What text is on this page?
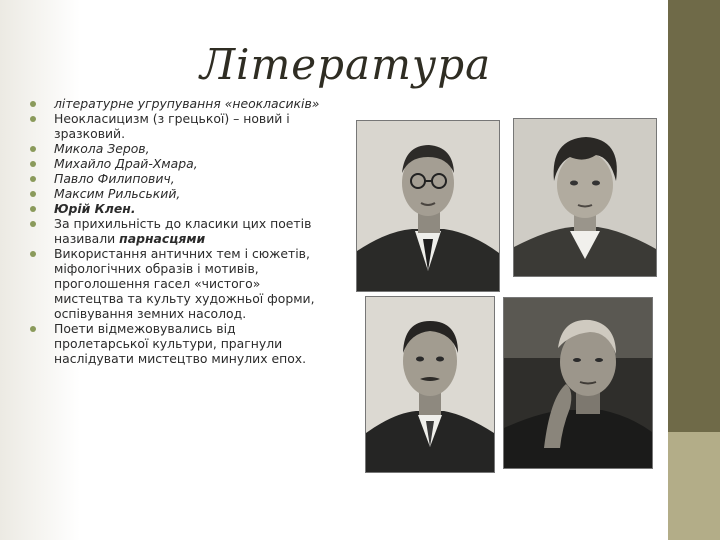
Література
літературне угрупування «неокласиків»
Неокласицизм (з грецької) – новий і зразковий.
Микола Зеров,
Михайло Драй-Хмара,
Павло Филипович,
Максим Рильський,
Юрій Клен.
За прихильність до класики цих поетів називали парнасцями
Використання античних тем і сюжетів, міфологічних образів і мотивів, проголошення гасел «чистого» мистецтва та культу художньої форми, оспівування земних насолод.
Поети відмежовувались від пролетарської культури, прагнули наслідувати мистецтво минулих епох.
